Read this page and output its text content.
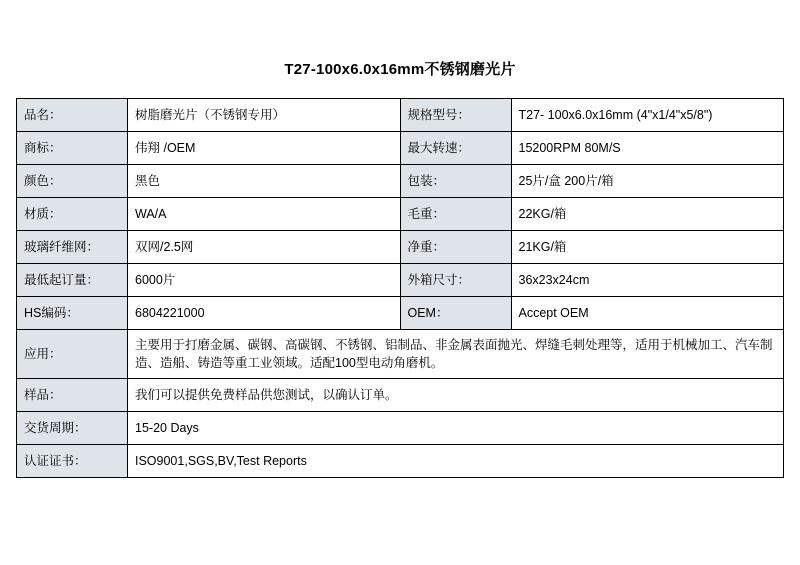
T27-100x6.0x16mm不锈钢磨光片
品名：	树脂磨光片（不锈钢专用）	规格型号：	T27- 100x6.0x16mm (4"x1/4"x5/8")
商标：	伟翔 /OEM	最大转速：	15200RPM 80M/S
颜色：	黑色	包装：	25片/盒 200片/箱
材质：	WA/A	毛重：	22KG/箱
玻璃纤维网：	双网/2.5网	净重：	21KG/箱
最低起订量：	6000片	外箱尺寸：	36x23x24cm
HS编码：	6804221000	OEM：	Accept OEM
应用：	主要用于打磨金属、碳钢、高碳钢、不锈钢、铝制品、非金属表面抛光、焊缝毛刺处理等，适用于机械加工、汽车制造、造船、铸造等重工业领域。适配100型电动角磨机。		
样品：	我们可以提供免费样品供您测试，以确认订单。		
交货周期：	15-20 Days		
认证证书：	ISO9001,SGS,BV,Test Reports		
